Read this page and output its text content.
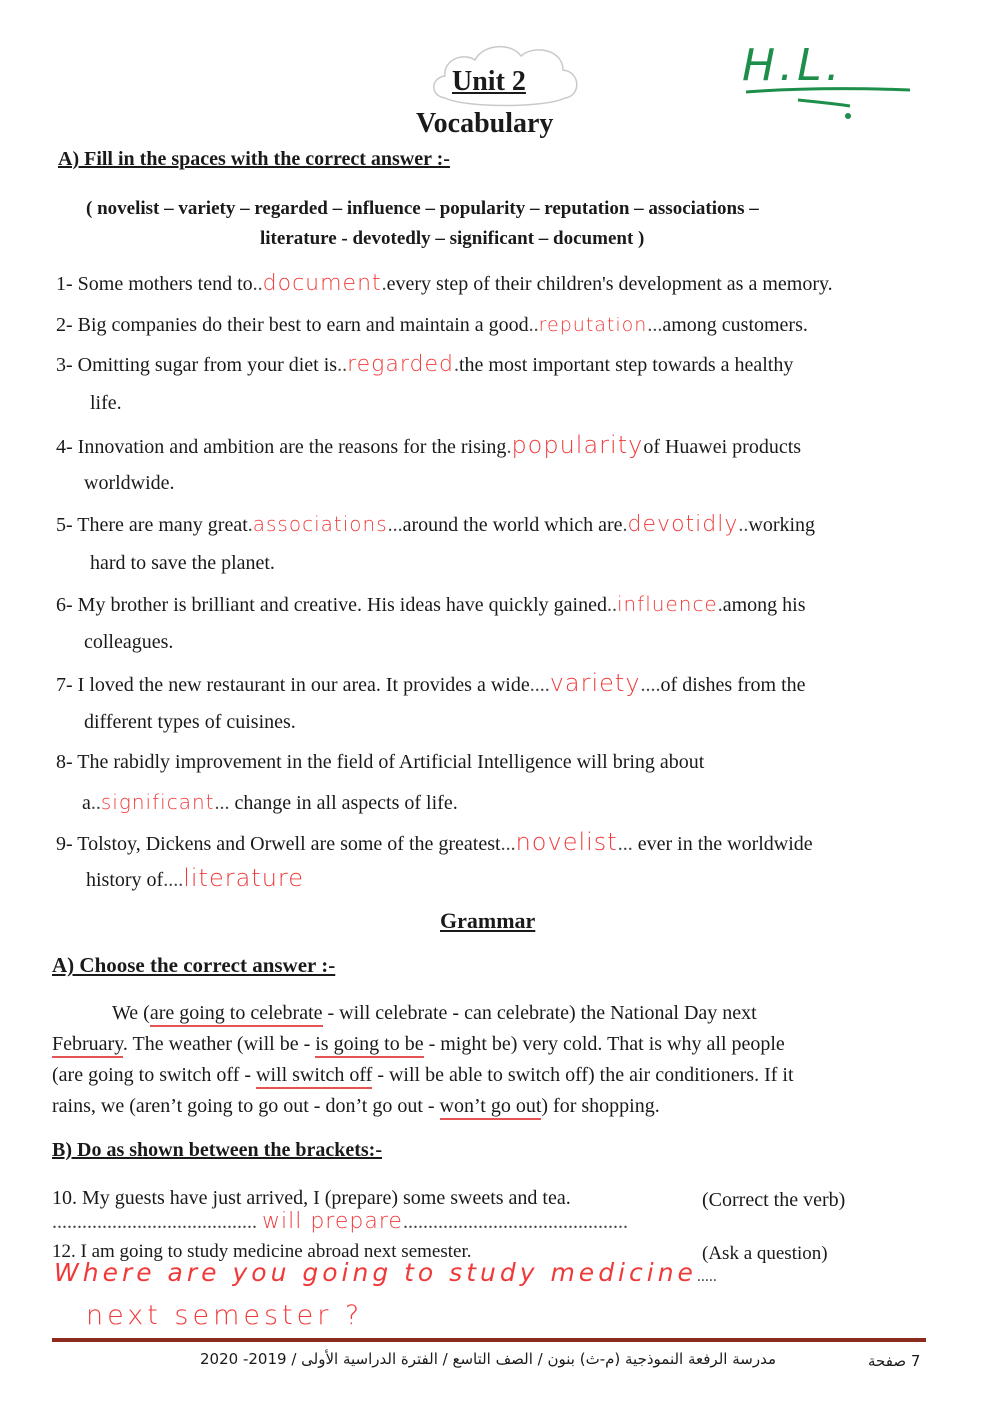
Unit 2
Vocabulary
H.L.
A) Fill in the spaces with the correct answer :-
( novelist – variety – regarded – influence – popularity – reputation – associations –
literature - devotedly – significant – document )
1- Some mothers tend to..document.every step of their children's development as a memory.
2- Big companies do their best to earn and maintain a good..reputation...among customers.
3- Omitting sugar from your diet is..regarded.the most important step towards a healthy
life.
4- Innovation and ambition are the reasons for the rising.popularityof Huawei products
worldwide.
5- There are many great.associations...around the world which are.devotidly..working
hard to save the planet.
6- My brother is brilliant and creative. His ideas have quickly gained..influence.among his
colleagues.
7- I loved the new restaurant in our area. It provides a wide....variety....of dishes from the
different types of cuisines.
8- The rabidly improvement in the field of Artificial Intelligence will bring about
a..significant... change in all aspects of life.
9- Tolstoy, Dickens and Orwell are some of the greatest...novelist... ever in the worldwide
history of....literature
Grammar
A) Choose the correct answer :-
We (are going to celebrate - will celebrate - can celebrate) the National Day next
February. The weather (will be - is going to be - might be) very cold. That is why all people
(are going to switch off - will switch off - will be able to switch off) the air conditioners. If it
rains, we (aren’t going to go out - don’t go out - won’t go out) for shopping.
B) Do as shown between the brackets:-
10. My guests have just arrived, I (prepare) some sweets and tea.	(Correct the verb)
......................................... will prepare.............................................
12. I am going to study medicine abroad next semester.	(Ask a question)
Where are you going to study medicine.....
next semester ?
مدرسة الرفعة النموذجية (م-ث) بنون / الصف التاسع / الفترة الدراسية الأولى / 2019- 2020	7 صفحة
